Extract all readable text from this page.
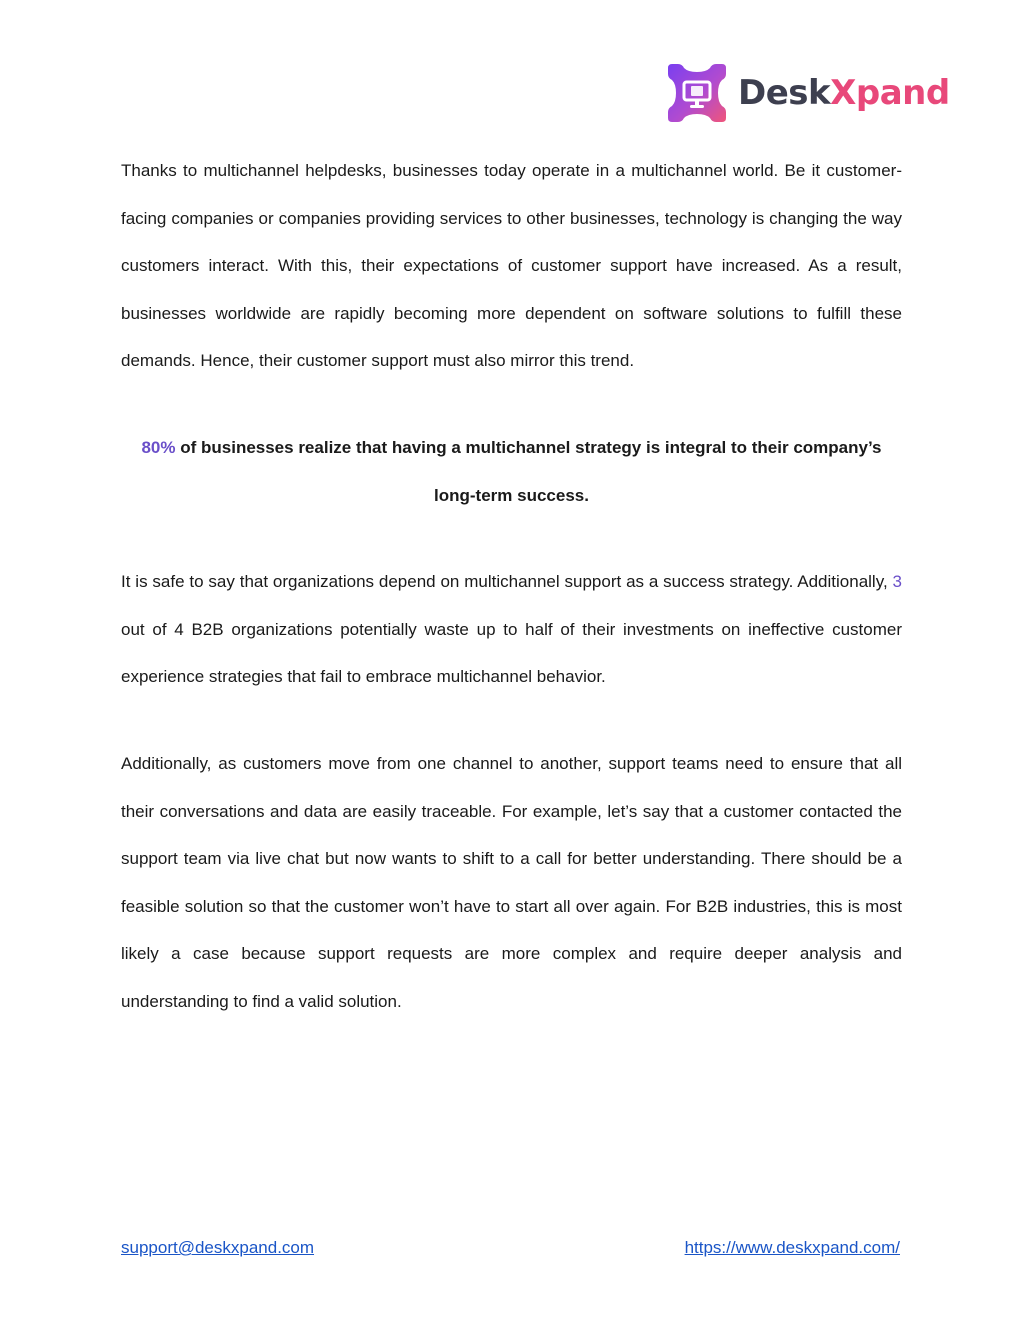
DeskXpand

Thanks to multichannel helpdesks, businesses today operate in a multichannel world. Be it customer-facing companies or companies providing services to other businesses, technology is changing the way customers interact. With this, their expectations of customer support have increased. As a result, businesses worldwide are rapidly becoming more dependent on software solutions to fulfill these demands. Hence, their customer support must also mirror this trend.

80% of businesses realize that having a multichannel strategy is integral to their company’s
long-term success.

It is safe to say that organizations depend on multichannel support as a success strategy. Additionally, 3 out of 4 B2B organizations potentially waste up to half of their investments on ineffective customer experience strategies that fail to embrace multichannel behavior.

Additionally, as customers move from one channel to another, support teams need to ensure that all their conversations and data are easily traceable. For example, let’s say that a customer contacted the support team via live chat but now wants to shift to a call for better understanding. There should be a feasible solution so that the customer won’t have to start all over again. For B2B industries, this is most likely a case because support requests are more complex and require deeper analysis and understanding to find a valid solution.

support@deskxpand.com	https://www.deskxpand.com/
